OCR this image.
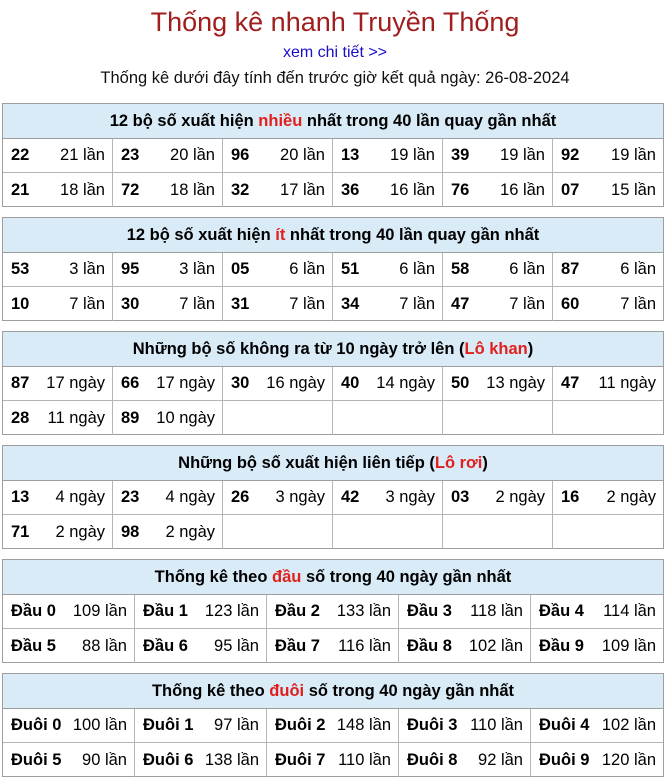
Thống kê nhanh Truyền Thống
xem chi tiết >>
Thống kê dưới đây tính đến trước giờ kết quả ngày: 26-08-2024
12 bộ số xuất hiện nhiều nhất trong 40 lần quay gần nhất
22 21 lần 23 20 lần 96 20 lần 13 19 lần 39 19 lần 92 19 lần
21 18 lần 72 18 lần 32 17 lần 36 16 lần 76 16 lần 07 15 lần
12 bộ số xuất hiện ít nhất trong 40 lần quay gần nhất
53 3 lần 95 3 lần 05 6 lần 51 6 lần 58 6 lần 87 6 lần
10 7 lần 30 7 lần 31 7 lần 34 7 lần 47 7 lần 60 7 lần
Những bộ số không ra từ 10 ngày trở lên (Lô khan)
87 17 ngày 66 17 ngày 30 16 ngày 40 14 ngày 50 13 ngày 47 11 ngày
28 11 ngày 89 10 ngày
Những bộ số xuất hiện liên tiếp (Lô rơi)
13 4 ngày 23 4 ngày 26 3 ngày 42 3 ngày 03 2 ngày 16 2 ngày
71 2 ngày 98 2 ngày
Thống kê theo đầu số trong 40 ngày gần nhất
Đầu 0 109 lần Đầu 1 123 lần Đầu 2 133 lần Đầu 3 118 lần Đầu 4 114 lần
Đầu 5 88 lần Đầu 6 95 lần Đầu 7 116 lần Đầu 8 102 lần Đầu 9 109 lần
Thống kê theo đuôi số trong 40 ngày gần nhất
Đuôi 0 100 lần Đuôi 1 97 lần Đuôi 2 148 lần Đuôi 3 110 lần Đuôi 4 102 lần
Đuôi 5 90 lần Đuôi 6 138 lần Đuôi 7 110 lần Đuôi 8 92 lần Đuôi 9 120 lần
